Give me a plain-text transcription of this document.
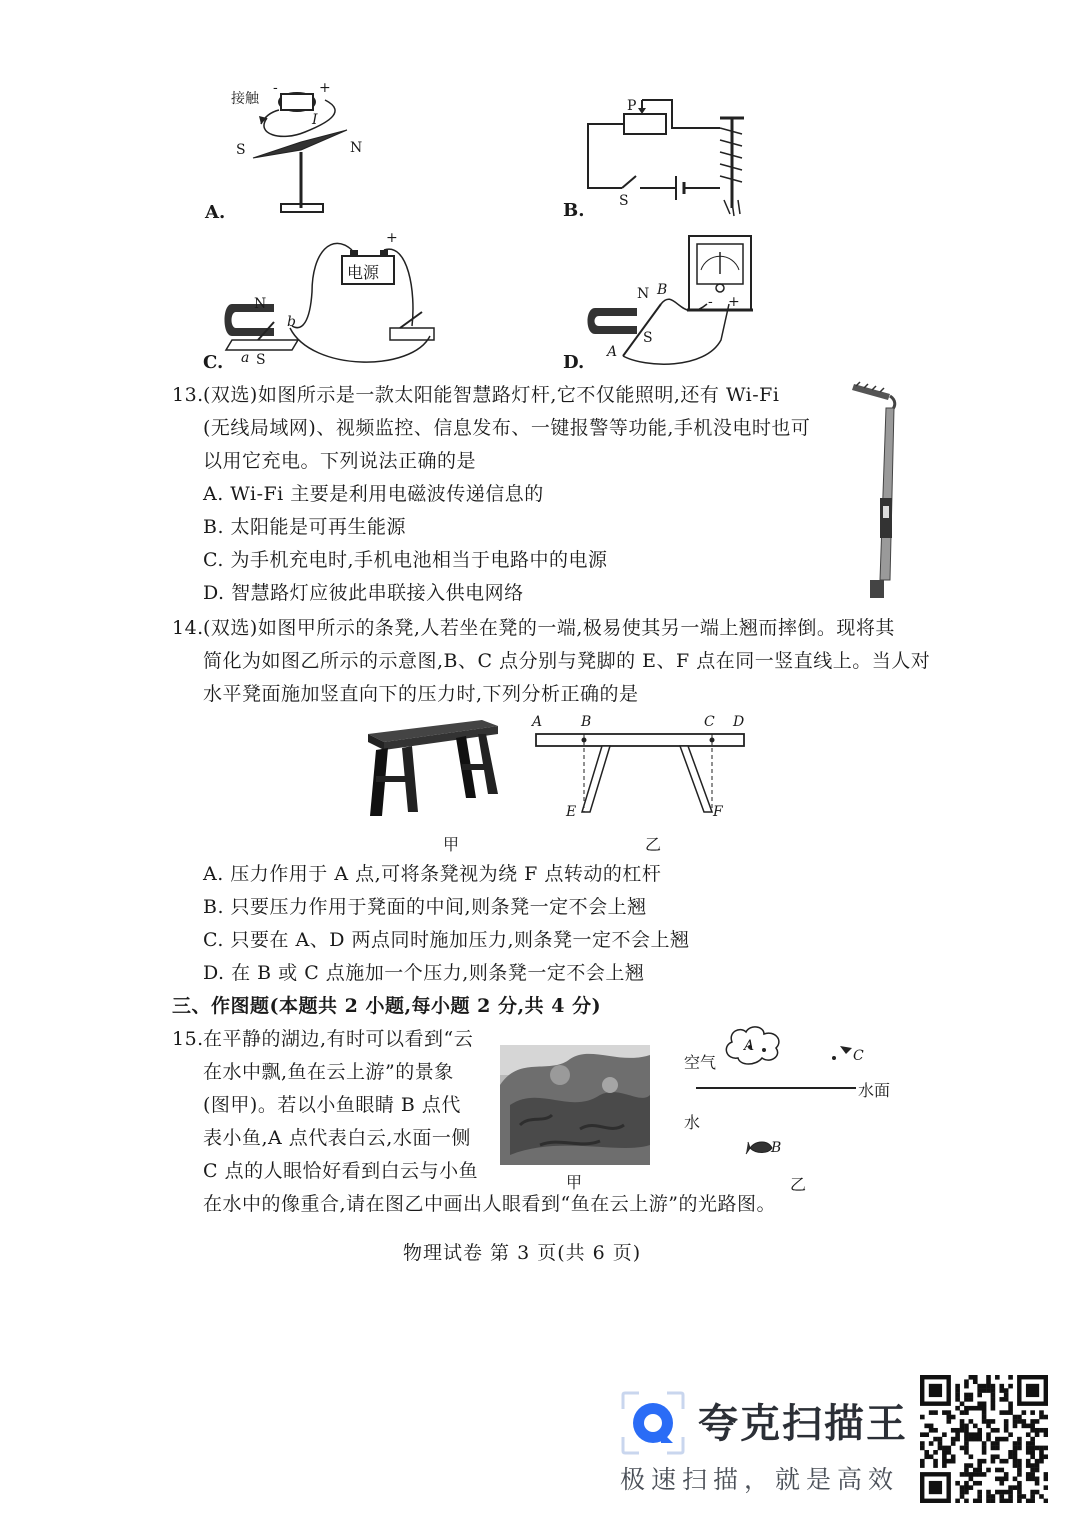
接触
-	+
I
S	N
A.
P
S
B.
电源
+
N
b
a S
C.
N B
S
A
- +
D.
13. (双选)如图所示是一款太阳能智慧路灯杆,它不仅能照明,还有 Wi-Fi
(无线局域网)、视频监控、信息发布、一键报警等功能,手机没电时也可
以用它充电。下列说法正确的是
A. Wi-Fi 主要是利用电磁波传递信息的
B. 太阳能是可再生能源
C. 为手机充电时,手机电池相当于电路中的电源
D. 智慧路灯应彼此串联接入供电网络
14. (双选)如图甲所示的条凳,人若坐在凳的一端,极易使其另一端上翘而摔倒。现将其
简化为如图乙所示的示意图,B、C 点分别与凳脚的 E、F 点在同一竖直线上。当人对
水平凳面施加竖直向下的压力时,下列分析正确的是
甲
A	B	C D
E	F
乙
A. 压力作用于 A 点,可将条凳视为绕 F 点转动的杠杆
B. 只要压力作用于凳面的中间,则条凳一定不会上翘
C. 只要在 A、D 两点同时施加压力,则条凳一定不会上翘
D. 在 B 或 C 点施加一个压力,则条凳一定不会上翘
三、作图题(本题共 2 小题,每小题 2 分,共 4 分)
15. 在平静的湖边,有时可以看到“云
在水中飘,鱼在云上游”的景象
(图甲)。若以小鱼眼睛 B 点代
表小鱼,A 点代表白云,水面一侧
C 点的人眼恰好看到白云与小鱼
在水中的像重合,请在图乙中画出人眼看到“鱼在云上游”的光路图。
甲
空气
A
C
水面
水
B
乙
物理试卷 第 3 页(共 6 页)
夸克扫描王
极速扫描，就是高效
